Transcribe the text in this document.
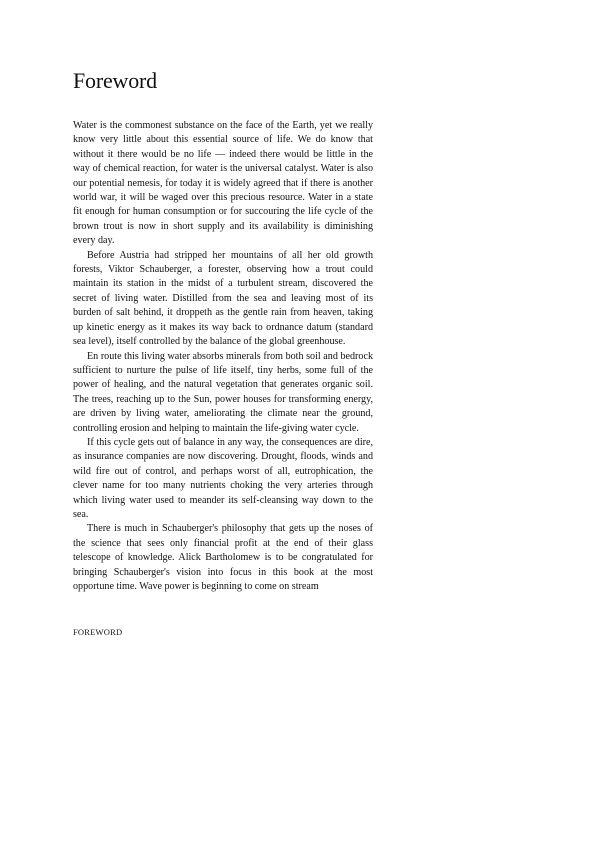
Foreword

Water is the commonest substance on the face of the Earth, yet we really know very little about this essential source of life. We do know that without it there would be no life — indeed there would be little in the way of chemical reaction, for water is the universal catalyst. Water is also our potential nemesis, for today it is widely agreed that if there is another world war, it will be waged over this precious resource. Water in a state fit enough for human consumption or for succouring the life cycle of the brown trout is now in short supply and its availability is diminishing every day.

Before Austria had stripped her mountains of all her old growth forests, Viktor Schauberger, a forester, observing how a trout could maintain its station in the midst of a turbulent stream, discovered the secret of living water. Distilled from the sea and leaving most of its burden of salt behind, it droppeth as the gentle rain from heaven, taking up kinetic energy as it makes its way back to ordnance datum (standard sea level), itself controlled by the balance of the global greenhouse.

En route this living water absorbs minerals from both soil and bedrock sufficient to nurture the pulse of life itself, tiny herbs, some full of the power of healing, and the natural vegetation that generates organic soil. The trees, reaching up to the Sun, power houses for transforming energy, are driven by living water, ameliorating the climate near the ground, controlling erosion and helping to maintain the life-giving water cycle.

If this cycle gets out of balance in any way, the consequences are dire, as insurance companies are now discovering. Drought, floods, winds and wild fire out of control, and perhaps worst of all, eutrophication, the clever name for too many nutrients choking the very arteries through which living water used to meander its self-cleansing way down to the sea.

There is much in Schauberger's philosophy that gets up the noses of the science that sees only financial profit at the end of their glass telescope of knowledge. Alick Bartholomew is to be congratulated for bringing Schauberger's vision into focus in this book at the most opportune time. Wave power is beginning to come on stream

FOREWORD
